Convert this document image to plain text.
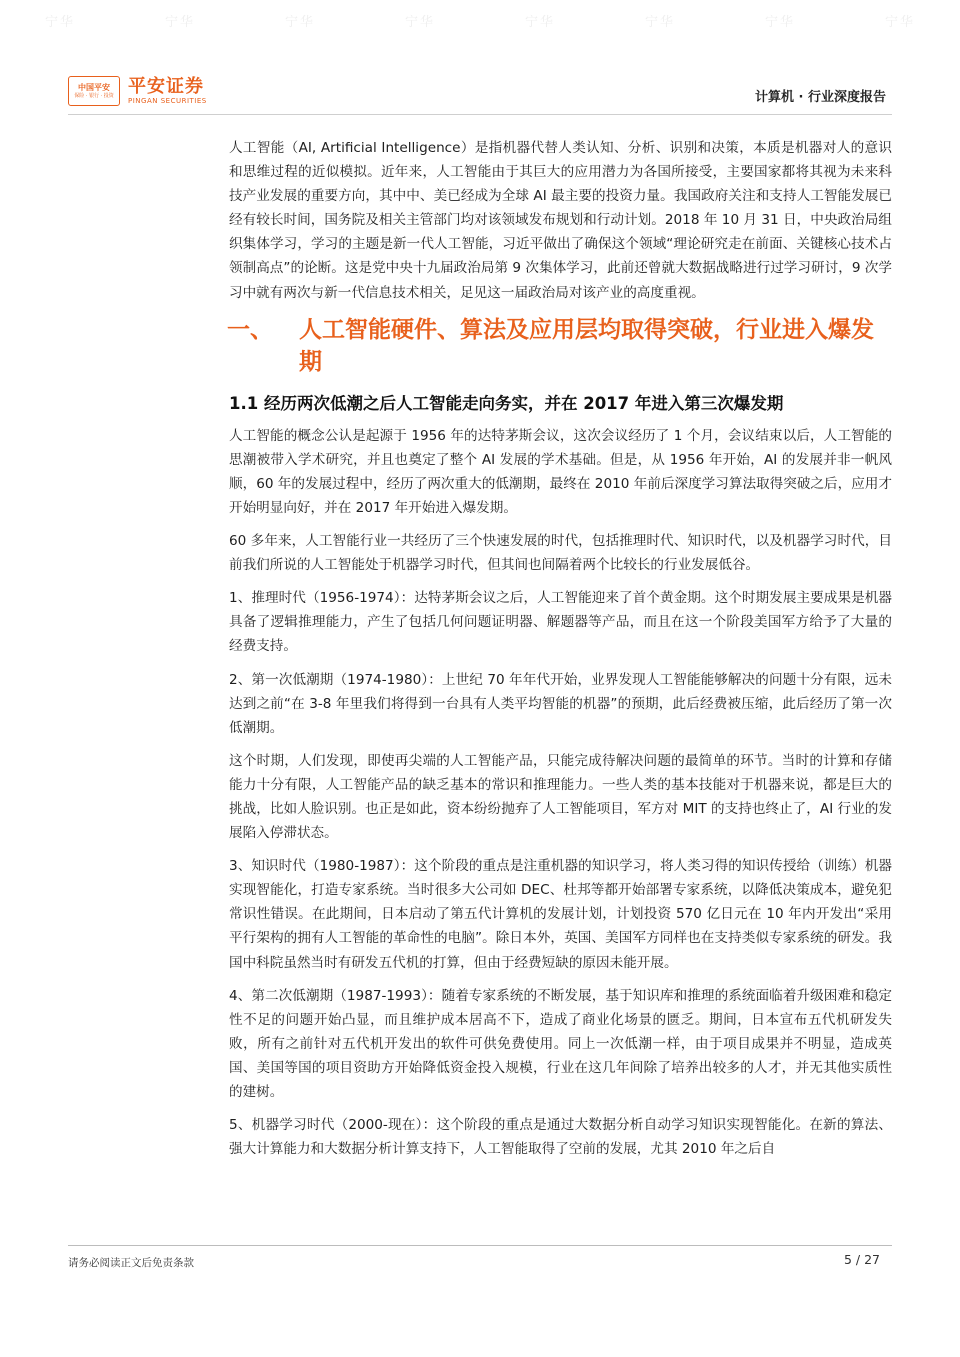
宁华	宁华	宁华	宁华	宁华	宁华	宁华	宁华
中国平安
保险 · 银行 · 投资 平安证券
PINGAN SECURITIES	计算机 · 行业深度报告

人工智能（AI, Artificial Intelligence）是指机器代替人类认知、分析、识别和决策，本质是机器对人的意识和思维过程的近似模拟。近年来，人工智能由于其巨大的应用潜力为各国所接受，主要国家都将其视为未来科技产业发展的重要方向，其中中、美已经成为全球 AI 最主要的投资力量。我国政府关注和支持人工智能发展已经有较长时间，国务院及相关主管部门均对该领域发布规划和行动计划。2018 年 10 月 31 日，中央政治局组织集体学习，学习的主题是新一代人工智能，习近平做出了确保这个领域“理论研究走在前面、关键核心技术占领制高点”的论断。这是党中央十九届政治局第 9 次集体学习，此前还曾就大数据战略进行过学习研讨，9 次学习中就有两次与新一代信息技术相关，足见这一届政治局对该产业的高度重视。

一、	人工智能硬件、算法及应用层均取得突破，行业进入爆发期
1.1 经历两次低潮之后人工智能走向务实，并在 2017 年进入第三次爆发期

人工智能的概念公认是起源于 1956 年的达特茅斯会议，这次会议经历了 1 个月，会议结束以后，人工智能的思潮被带入学术研究，并且也奠定了整个 AI 发展的学术基础。但是，从 1956 年开始，AI 的发展并非一帆风顺，60 年的发展过程中，经历了两次重大的低潮期，最终在 2010 年前后深度学习算法取得突破之后，应用才开始明显向好，并在 2017 年开始进入爆发期。

60 多年来，人工智能行业一共经历了三个快速发展的时代，包括推理时代、知识时代，以及机器学习时代，目前我们所说的人工智能处于机器学习时代，但其间也间隔着两个比较长的行业发展低谷。

1、推理时代（1956-1974）：达特茅斯会议之后，人工智能迎来了首个黄金期。这个时期发展主要成果是机器具备了逻辑推理能力，产生了包括几何问题证明器、解题器等产品，而且在这一个阶段美国军方给予了大量的经费支持。

2、第一次低潮期（1974-1980）：上世纪 70 年年代开始，业界发现人工智能能够解决的问题十分有限，远未达到之前“在 3-8 年里我们将得到一台具有人类平均智能的机器”的预期，此后经费被压缩，此后经历了第一次低潮期。

这个时期，人们发现，即使再尖端的人工智能产品，只能完成待解决问题的最简单的环节。当时的计算和存储能力十分有限，人工智能产品的缺乏基本的常识和推理能力。一些人类的基本技能对于机器来说，都是巨大的挑战，比如人脸识别。也正是如此，资本纷纷抛弃了人工智能项目，军方对 MIT 的支持也终止了，AI 行业的发展陷入停滞状态。

3、知识时代（1980-1987）：这个阶段的重点是注重机器的知识学习，将人类习得的知识传授给（训练）机器实现智能化，打造专家系统。当时很多大公司如 DEC、杜邦等都开始部署专家系统，以降低决策成本，避免犯常识性错误。在此期间，日本启动了第五代计算机的发展计划，计划投资 570 亿日元在 10 年内开发出“采用平行架构的拥有人工智能的革命性的电脑”。除日本外，英国、美国军方同样也在支持类似专家系统的研发。我国中科院虽然当时有研发五代机的打算，但由于经费短缺的原因未能开展。

4、第二次低潮期（1987-1993）：随着专家系统的不断发展，基于知识库和推理的系统面临着升级困难和稳定性不足的问题开始凸显，而且维护成本居高不下，造成了商业化场景的匮乏。期间，日本宣布五代机研发失败，所有之前针对五代机开发出的软件可供免费使用。同上一次低潮一样，由于项目成果并不明显，造成英国、美国等国的项目资助方开始降低资金投入规模，行业在这几年间除了培养出较多的人才，并无其他实质性的建树。

5、机器学习时代（2000-现在）：这个阶段的重点是通过大数据分析自动学习知识实现智能化。在新的算法、强大计算能力和大数据分析计算支持下，人工智能取得了空前的发展，尤其 2010 年之后自

请务必阅读正文后免责条款	5 / 27
